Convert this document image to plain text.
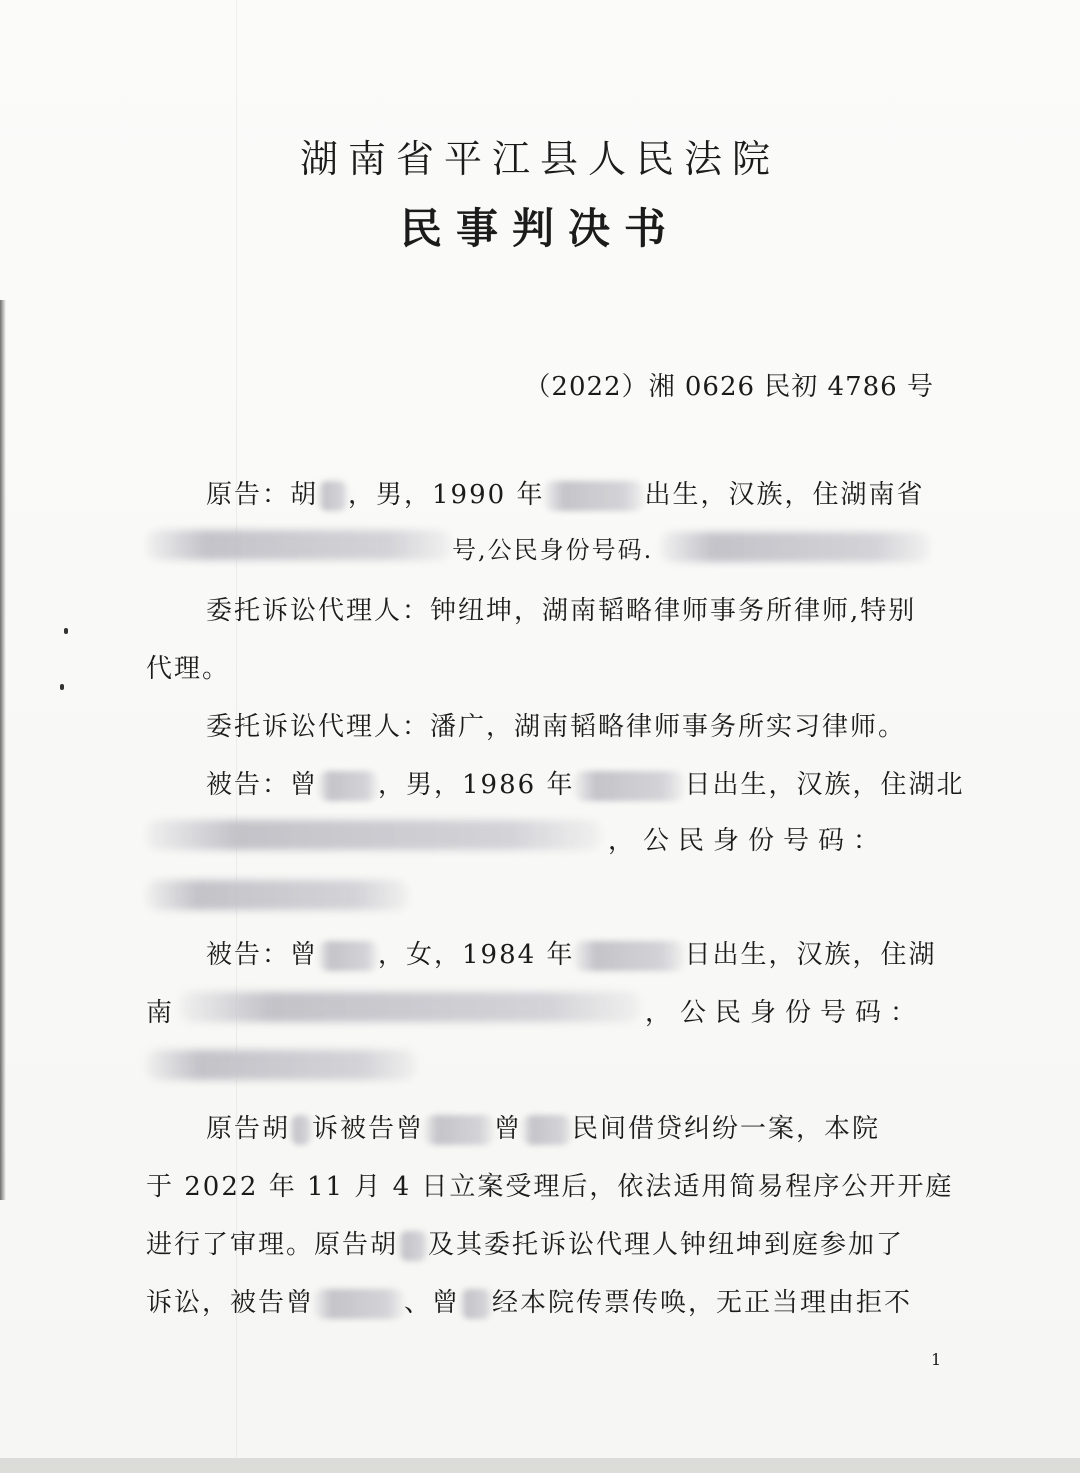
湖南省平江县人民法院
民事判决书
（2022）湘 0626 民初 4786 号
原告：胡 ，男，1990 年	出生，汉族，住湖南省
号,公民身份号码.
委托诉讼代理人：钟纽坤，湖南韬略律师事务所律师,特别
代理。
委托诉讼代理人：潘广，湖南韬略律师事务所实习律师。
被告：曾 ，男，1986 年	日出生，汉族，住湖北
，公民身份号码：
被告：曾 ，女，1984 年	日出生，汉族，住湖
南	，公民身份号码：
原告胡 诉被告曾	曾 民间借贷纠纷一案，本院
于 2022 年 11 月 4 日立案受理后，依法适用简易程序公开开庭
进行了审理。原告胡 及其委托诉讼代理人钟纽坤到庭参加了
诉讼，被告曾	、曾 经本院传票传唤，无正当理由拒不
1
